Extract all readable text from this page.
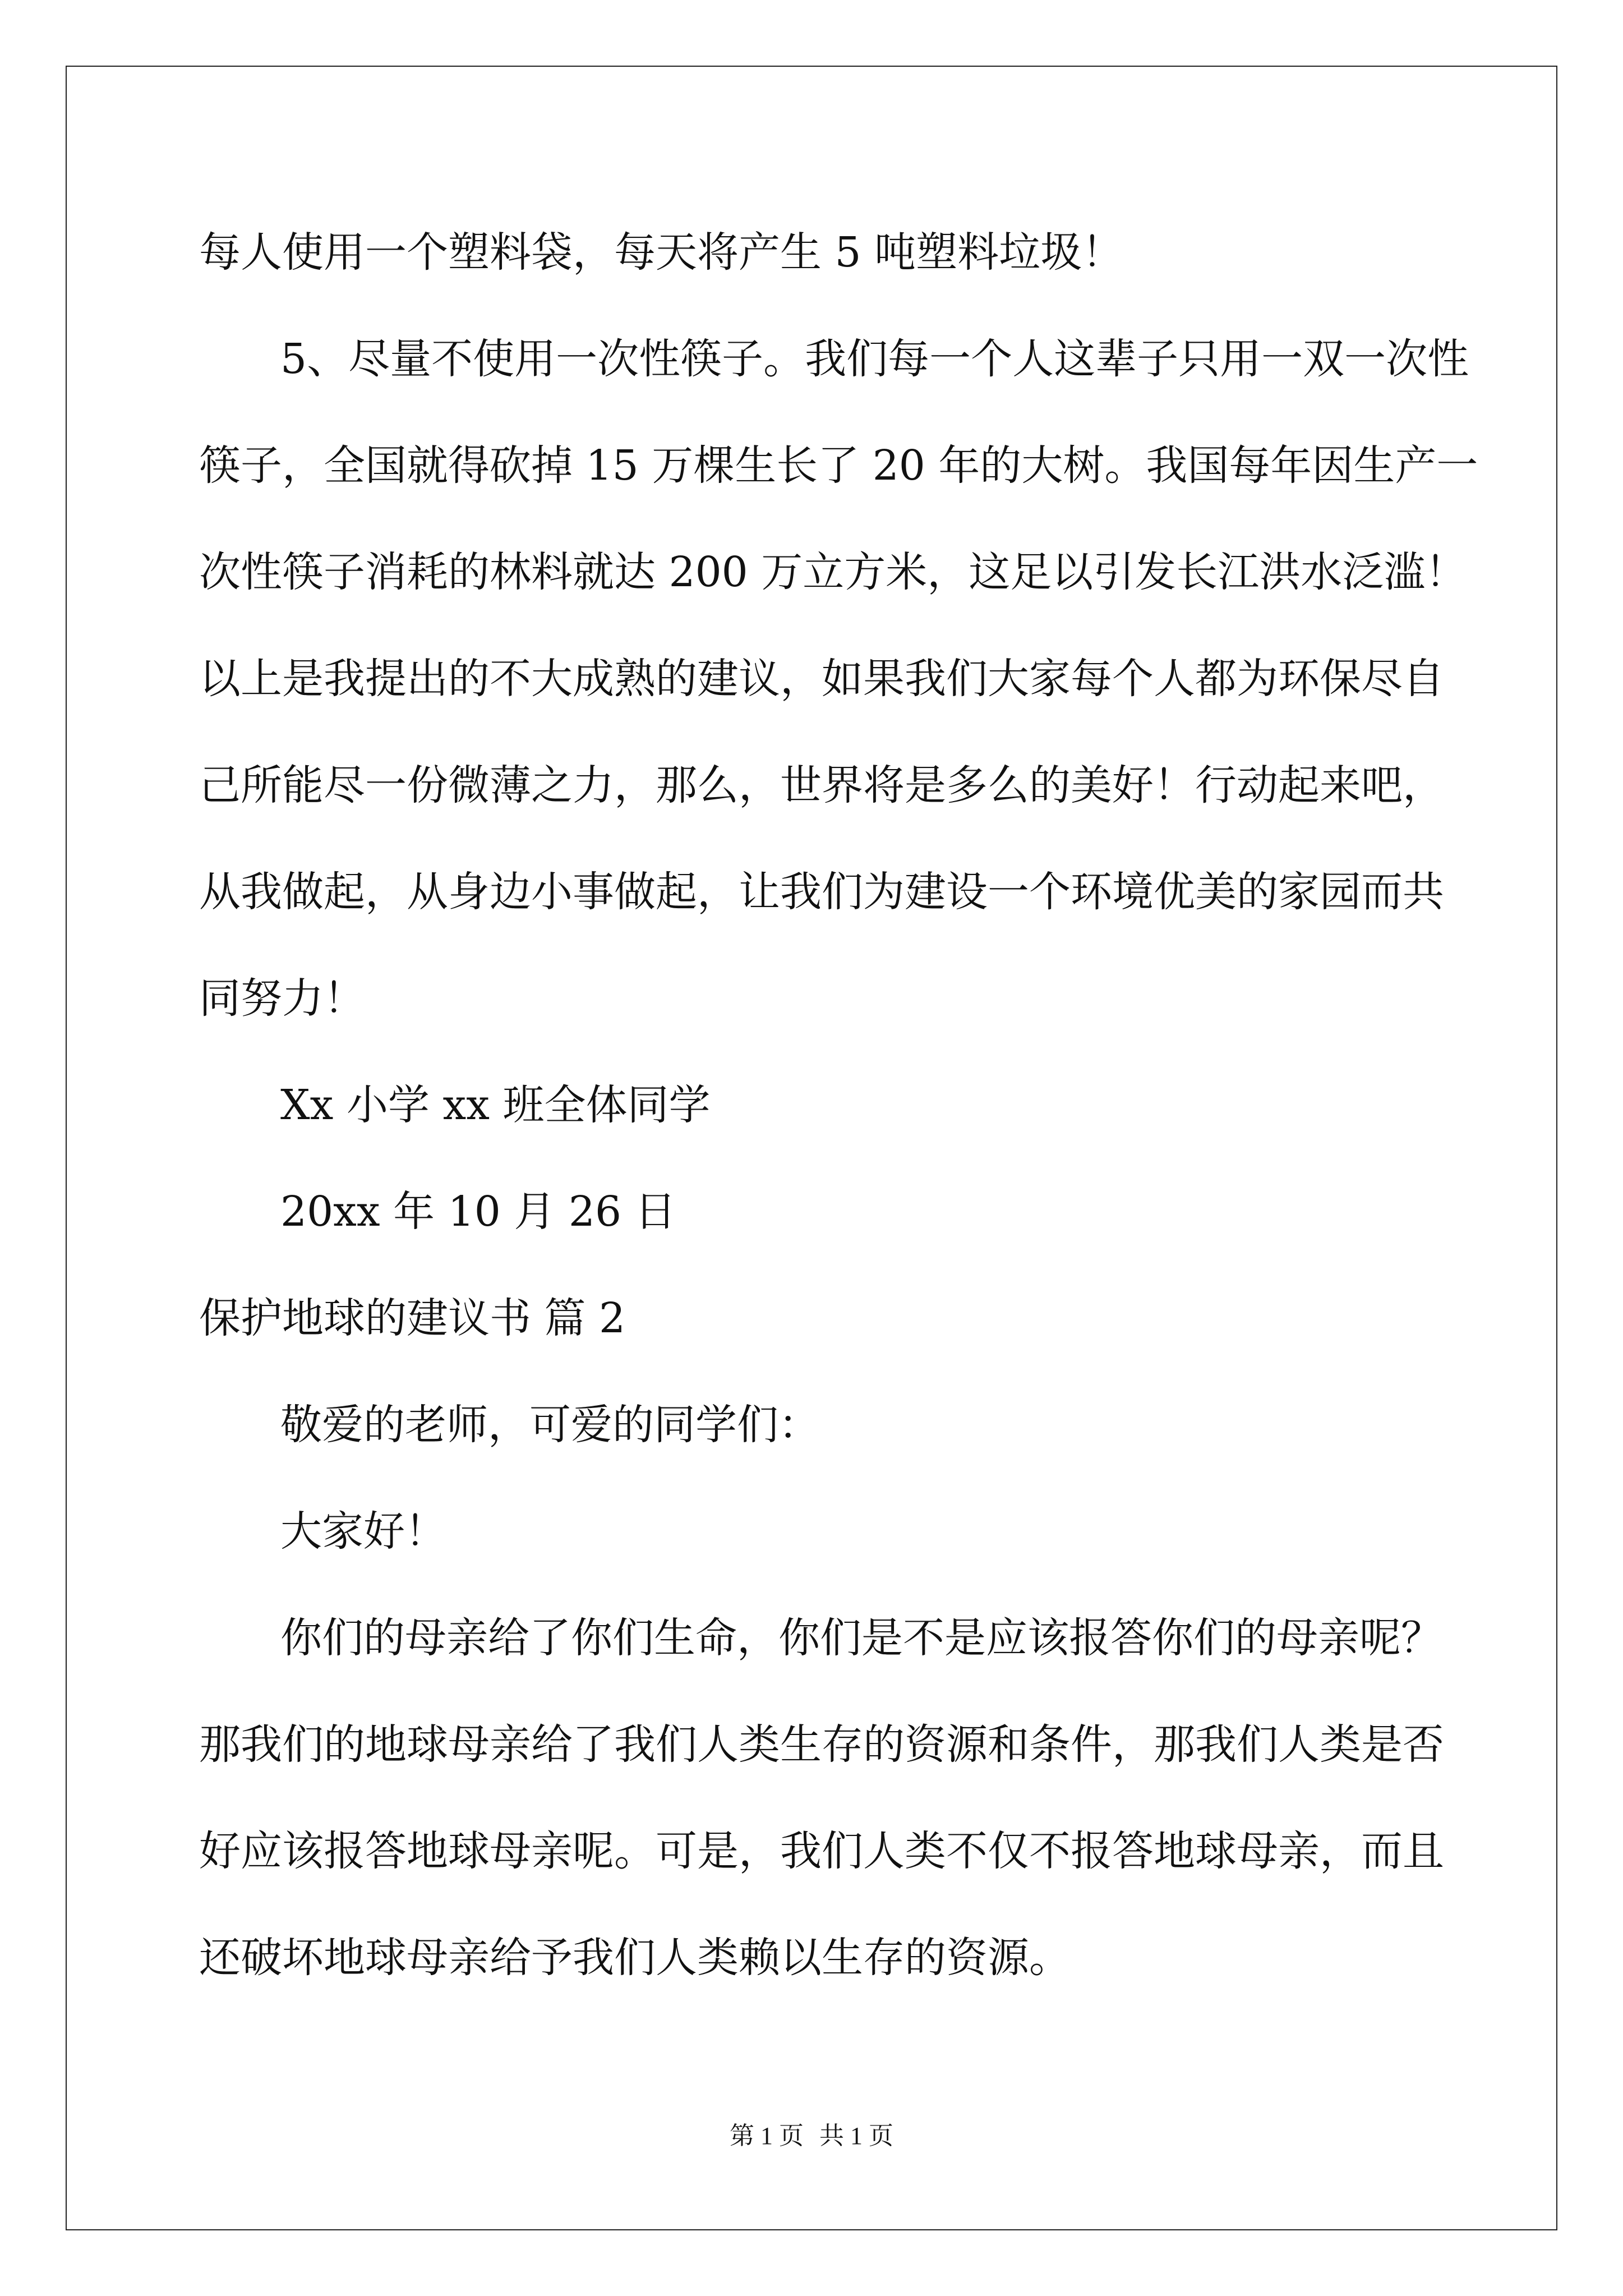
每人使用一个塑料袋，每天将产生 5 吨塑料垃圾！
5、尽量不使用一次性筷子。我们每一个人这辈子只用一双一次性
筷子，全国就得砍掉 15 万棵生长了 20 年的大树。我国每年因生产一
次性筷子消耗的林料就达 200 万立方米，这足以引发长江洪水泛滥！
以上是我提出的不大成熟的建议，如果我们大家每个人都为环保尽自
己所能尽一份微薄之力，那么，世界将是多么的美好！行动起来吧，
从我做起，从身边小事做起，让我们为建设一个环境优美的家园而共
同努力！
Xx 小学 xx 班全体同学
20xx 年 10 月 26 日
保护地球的建议书 篇 2
敬爱的老师，可爱的同学们：
大家好！
你们的母亲给了你们生命，你们是不是应该报答你们的母亲呢？
那我们的地球母亲给了我们人类生存的资源和条件，那我们人类是否
好应该报答地球母亲呢。可是，我们人类不仅不报答地球母亲，而且
还破坏地球母亲给予我们人类赖以生存的资源。
第 1 页 共 1 页
